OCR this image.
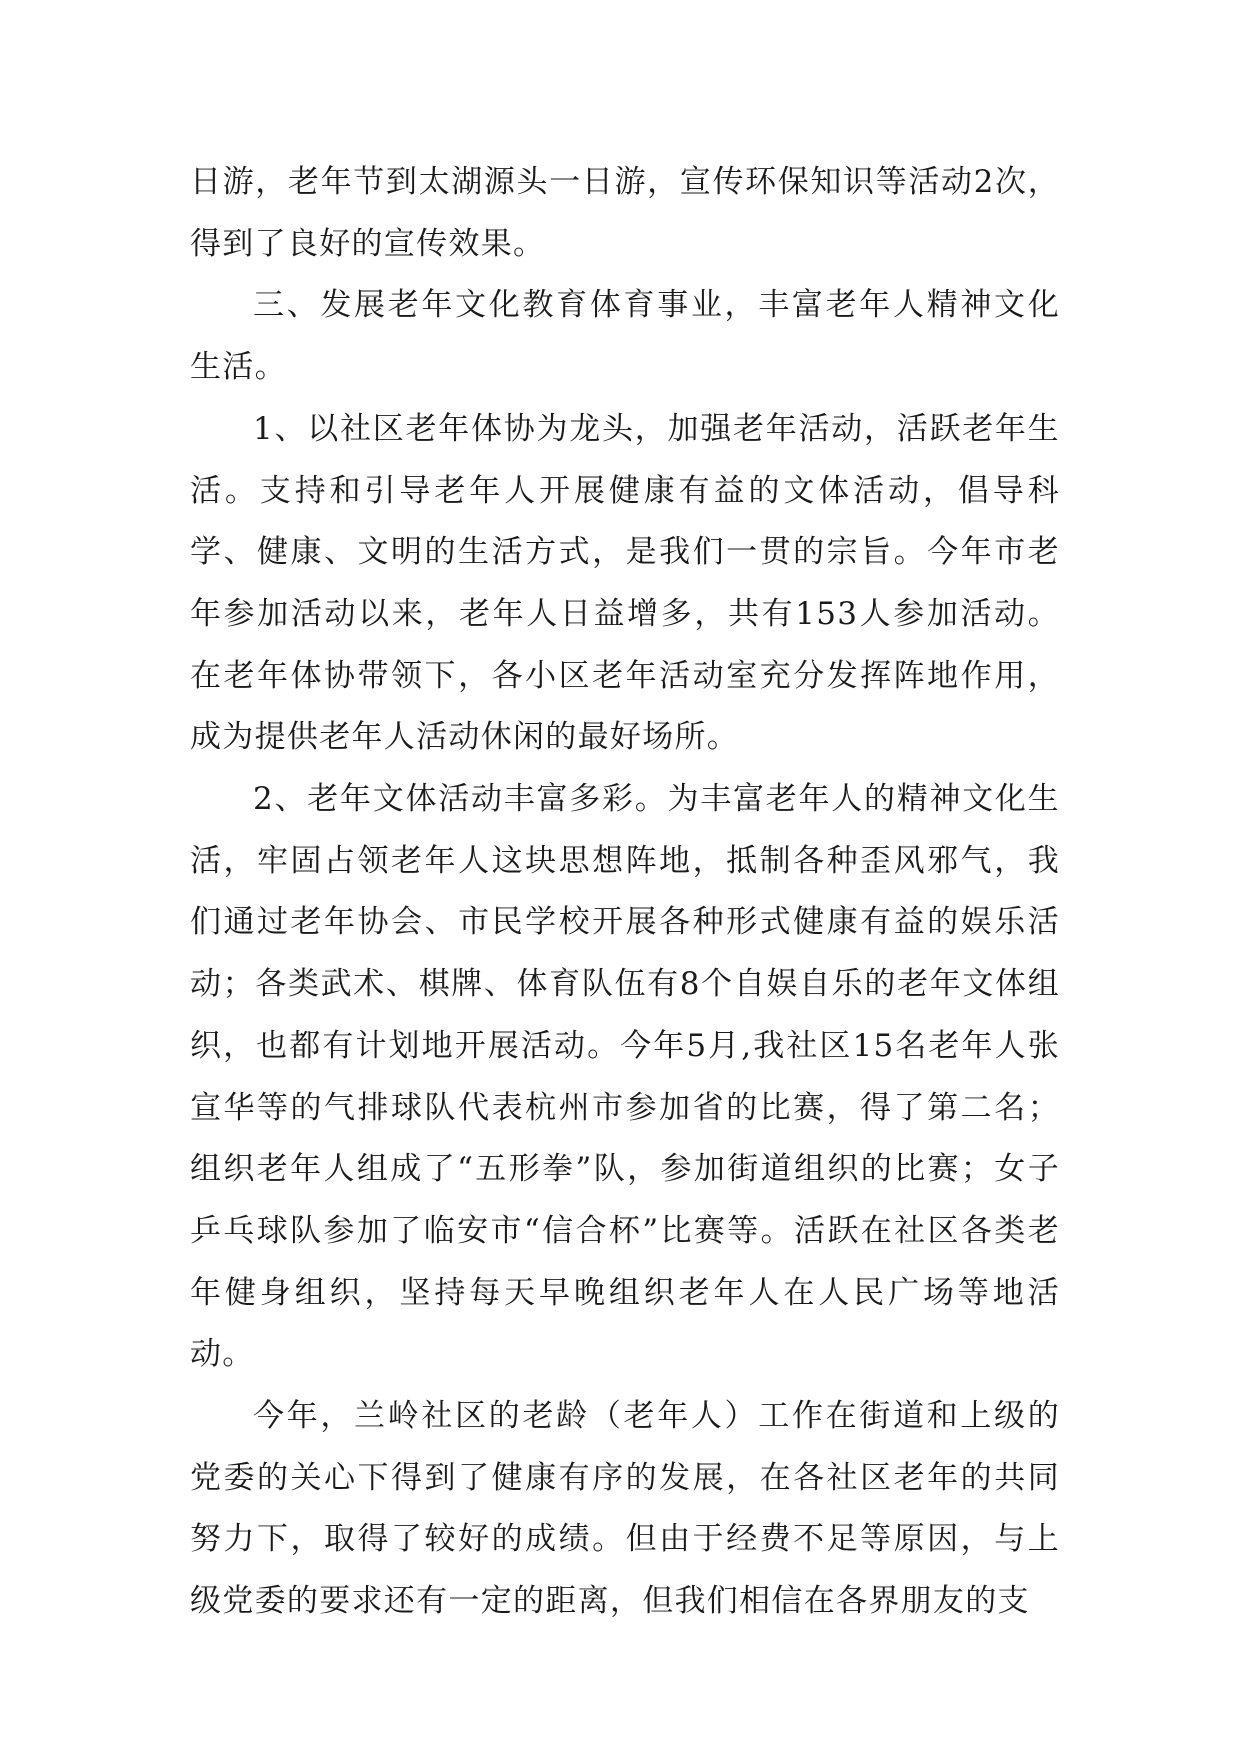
日游，老年节到太湖源头一日游，宣传环保知识等活动2次，得到了良好的宣传效果。

三、发展老年文化教育体育事业，丰富老年人精神文化生活。

1、以社区老年体协为龙头，加强老年活动，活跃老年生活。支持和引导老年人开展健康有益的文体活动，倡导科学、健康、文明的生活方式，是我们一贯的宗旨。今年市老年参加活动以来，老年人日益增多，共有153人参加活动。在老年体协带领下，各小区老年活动室充分发挥阵地作用，成为提供老年人活动休闲的最好场所。

2、老年文体活动丰富多彩。为丰富老年人的精神文化生活，牢固占领老年人这块思想阵地，抵制各种歪风邪气，我们通过老年协会、市民学校开展各种形式健康有益的娱乐活动；各类武术、棋牌、体育队伍有8个自娱自乐的老年文体组织，也都有计划地开展活动。今年5月,我社区15名老年人张宣华等的气排球队代表杭州市参加省的比赛，得了第二名；组织老年人组成了“五形拳”队，参加街道组织的比赛；女子乒乓球队参加了临安市“信合杯”比赛等。活跃在社区各类老年健身组织，坚持每天早晚组织老年人在人民广场等地活动。

今年，兰岭社区的老龄（老年人）工作在街道和上级的党委的关心下得到了健康有序的发展，在各社区老年的共同努力下，取得了较好的成绩。但由于经费不足等原因，与上级党委的要求还有一定的距离，但我们相信在各界朋友的支
